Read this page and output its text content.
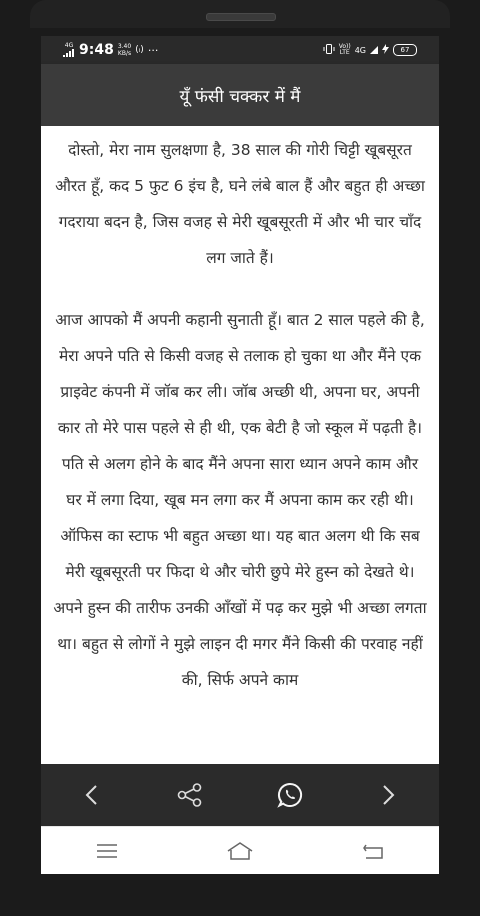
4G 9:48 3.40
KB/s (ᵢ) ···	Vo))
LTE 4G	67
यूँ फंसी चक्कर में मैं

दोस्तो, मेरा नाम सुलक्षणा है, 38 साल की गोरी चिट्टी खूबसूरत औरत हूँ, कद 5 फुट 6 इंच है, घने लंबे बाल हैं और बहुत ही अच्छा गदराया बदन है, जिस वजह से मेरी खूबसूरती में और भी चार चाँद लग जाते हैं।

आज आपको मैं अपनी कहानी सुनाती हूँ। बात 2 साल पहले की है, मेरा अपने पति से किसी वजह से तलाक हो चुका था और मैंने एक प्राइवेट कंपनी में जॉब कर ली। जॉब अच्छी थी, अपना घर, अपनी कार तो मेरे पास पहले से ही थी, एक बेटी है जो स्कूल में पढ़ती है।

पति से अलग होने के बाद मैंने अपना सारा ध्यान अपने काम और घर में लगा दिया, खूब मन लगा कर मैं अपना काम कर रही थी।

ऑफिस का स्टाफ भी बहुत अच्छा था। यह बात अलग थी कि सब मेरी खूबसूरती पर फिदा थे और चोरी छुपे मेरे हुस्न को देखते थे। अपने हुस्न की तारीफ उनकी आँखों में पढ़ कर मुझे भी अच्छा लगता था। बहुत से लोगों ने मुझे लाइन दी मगर मैंने किसी की परवाह नहीं की, सिर्फ अपने काम
